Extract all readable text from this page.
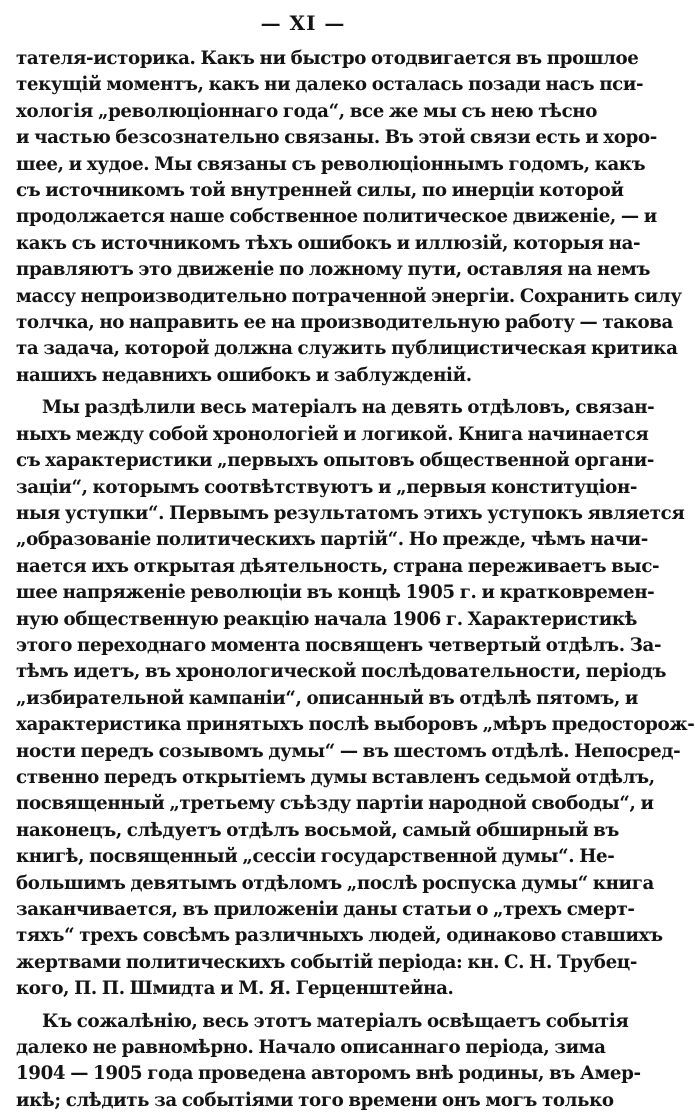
— XI —
тателя-историка. Какъ ни быстро отодвигается въ прошлое
текущій моментъ, какъ ни далеко осталась позади насъ пси-
хологія „революціоннаго года“, все же мы съ нею тѣсно
и частью безсознательно связаны. Въ этой связи есть и хоро-
шее, и худое. Мы связаны съ революціоннымъ годомъ, какъ
съ источникомъ той внутренней силы, по инерціи которой
продолжается наше собственное политическое движеніе, — и
какъ съ источникомъ тѣхъ ошибокъ и иллюзій, которыя на-
правляютъ это движеніе по ложному пути, оставляя на немъ
массу непроизводительно потраченной энергіи. Сохранить силу
толчка, но направить ее на производительную работу — такова
та задача, которой должна служить публицистическая критика
нашихъ недавнихъ ошибокъ и заблужденій.
Мы раздѣлили весь матеріалъ на девять отдѣловъ, связан-
ныхъ между собой хронологіей и логикой. Книга начинается
съ характеристики „первыхъ опытовъ общественной органи-
заціи“, которымъ соотвѣтствуютъ и „первыя конституціон-
ныя уступки“. Первымъ результатомъ этихъ уступокъ является
„образованіе политическихъ партій“. Но прежде, чѣмъ начи-
нается ихъ открытая дѣятельность, страна переживаетъ выс-
шее напряженіе революціи въ концѣ 1905 г. и кратковремен-
ную общественную реакцію начала 1906 г. Характеристикѣ
этого переходнаго момента посвященъ четвертый отдѣлъ. За-
тѣмъ идетъ, въ хронологической послѣдовательности, періодъ
„избирательной кампаніи“, описанный въ отдѣлѣ пятомъ, и
характеристика принятыхъ послѣ выборовъ „мѣръ предосторож-
ности передъ созывомъ думы“ — въ шестомъ отдѣлѣ. Непосред-
ственно передъ открытіемъ думы вставленъ седьмой отдѣлъ,
посвященный „третьему съѣзду партіи народной свободы“, и
наконецъ, слѣдуетъ отдѣлъ восьмой, самый обширный въ
книгѣ, посвященный „сессіи государственной думы“. Не-
большимъ девятымъ отдѣломъ „послѣ роспуска думы“ книга
заканчивается, въ приложеніи даны статьи о „трехъ смерт-
тяхъ“ трехъ совсѣмъ различныхъ людей, одинаково ставшихъ
жертвами политическихъ событій періода: кн. С. Н. Трубец-
кого, П. П. Шмидта и М. Я. Герценштейна.
Къ сожалѣнію, весь этотъ матеріалъ освѣщаетъ событія
далеко не равномѣрно. Начало описаннаго періода, зима
1904 — 1905 года проведена авторомъ внѣ родины, въ Амер-
икѣ; слѣдить за событіями того времени онъ могъ только
